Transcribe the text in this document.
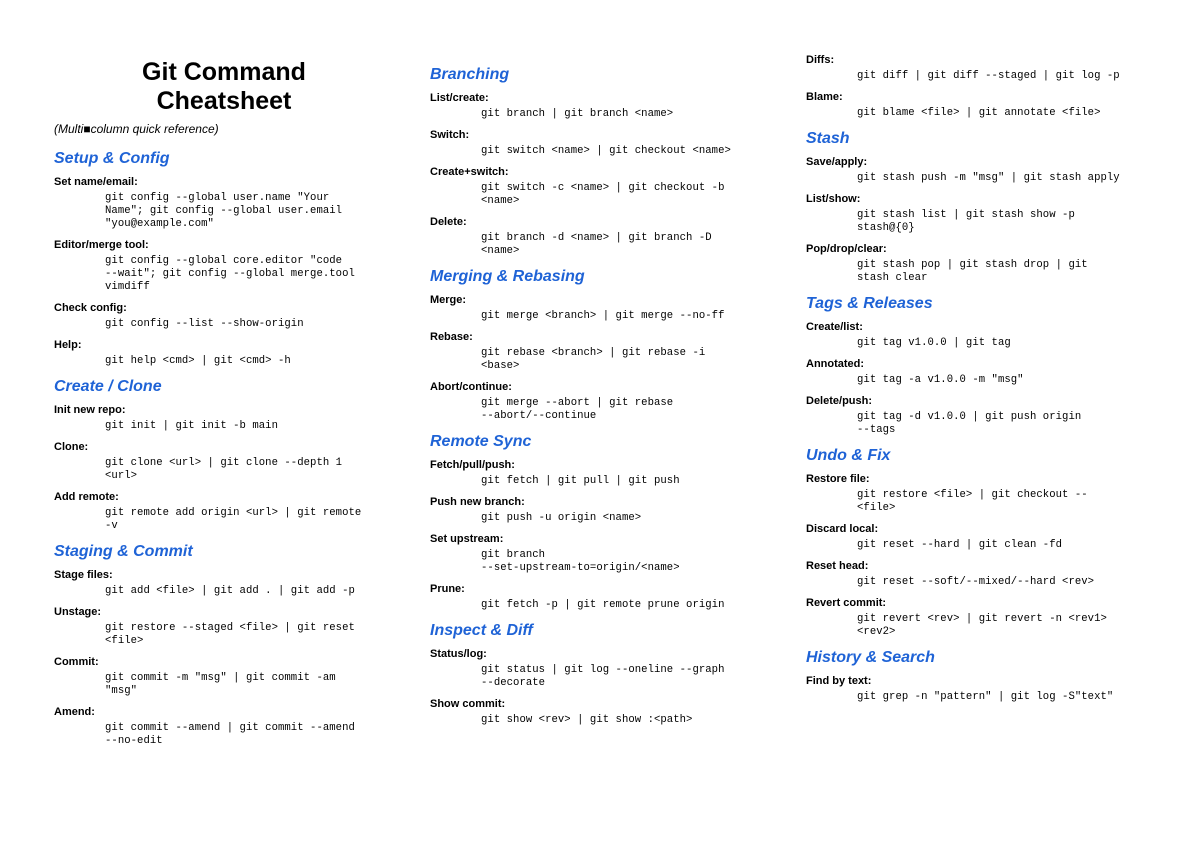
Git Command
Cheatsheet
(Multi■column quick reference)
Setup & Config
Set name/email:
git config --global user.name "Your
Name"; git config --global user.email
"you@example.com"
Editor/merge tool:
git config --global core.editor "code
--wait"; git config --global merge.tool
vimdiff
Check config:
git config --list --show-origin
Help:
git help <cmd> | git <cmd> -h
Create / Clone
Init new repo:
git init | git init -b main
Clone:
git clone <url> | git clone --depth 1
<url>
Add remote:
git remote add origin <url> | git remote
-v
Staging & Commit
Stage files:
git add <file> | git add . | git add -p
Unstage:
git restore --staged <file> | git reset
<file>
Commit:
git commit -m "msg" | git commit -am
"msg"
Amend:
git commit --amend | git commit --amend
--no-edit
Branching
List/create:
git branch | git branch <name>
Switch:
git switch <name> | git checkout <name>
Create+switch:
git switch -c <name> | git checkout -b
<name>
Delete:
git branch -d <name> | git branch -D
<name>
Merging & Rebasing
Merge:
git merge <branch> | git merge --no-ff
Rebase:
git rebase <branch> | git rebase -i
<base>
Abort/continue:
git merge --abort | git rebase
--abort/--continue
Remote Sync
Fetch/pull/push:
git fetch | git pull | git push
Push new branch:
git push -u origin <name>
Set upstream:
git branch
--set-upstream-to=origin/<name>
Prune:
git fetch -p | git remote prune origin
Inspect & Diff
Status/log:
git status | git log --oneline --graph
--decorate
Show commit:
git show <rev> | git show :<path>
Diffs:
git diff | git diff --staged | git log -p
Blame:
git blame <file> | git annotate <file>
Stash
Save/apply:
git stash push -m "msg" | git stash apply
List/show:
git stash list | git stash show -p
stash@{0}
Pop/drop/clear:
git stash pop | git stash drop | git
stash clear
Tags & Releases
Create/list:
git tag v1.0.0 | git tag
Annotated:
git tag -a v1.0.0 -m "msg"
Delete/push:
git tag -d v1.0.0 | git push origin
--tags
Undo & Fix
Restore file:
git restore <file> | git checkout --
<file>
Discard local:
git reset --hard | git clean -fd
Reset head:
git reset --soft/--mixed/--hard <rev>
Revert commit:
git revert <rev> | git revert -n <rev1>
<rev2>
History & Search
Find by text:
git grep -n "pattern" | git log -S"text"
